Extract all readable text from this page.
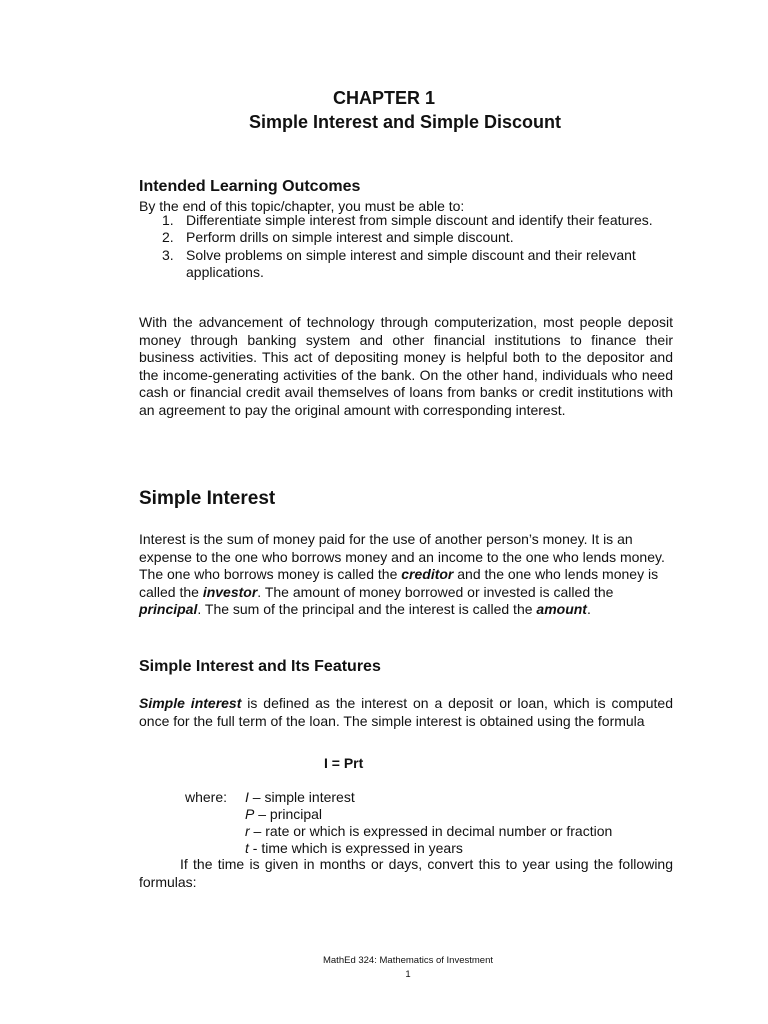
CHAPTER 1
Simple Interest and Simple Discount
Intended Learning Outcomes
By the end of this topic/chapter, you must be able to:
1. Differentiate simple interest from simple discount and identify their features.
2. Perform drills on simple interest and simple discount.
3. Solve problems on simple interest and simple discount and their relevant applications.
With the advancement of technology through computerization, most people deposit money through banking system and other financial institutions to finance their business activities. This act of depositing money is helpful both to the depositor and the income-generating activities of the bank. On the other hand, individuals who need cash or financial credit avail themselves of loans from banks or credit institutions with an agreement to pay the original amount with corresponding interest.
Simple Interest
Interest is the sum of money paid for the use of another person’s money. It is an expense to the one who borrows money and an income to the one who lends money. The one who borrows money is called the creditor and the one who lends money is called the investor. The amount of money borrowed or invested is called the principal. The sum of the principal and the interest is called the amount.
Simple Interest and Its Features
Simple interest is defined as the interest on a deposit or loan, which is computed once for the full term of the loan. The simple interest is obtained using the formula
I = Prt
where: I – simple interest
P – principal
r – rate or which is expressed in decimal number or fraction
t - time which is expressed in years
If the time is given in months or days, convert this to year using the following formulas:
MathEd 324: Mathematics of Investment
1
